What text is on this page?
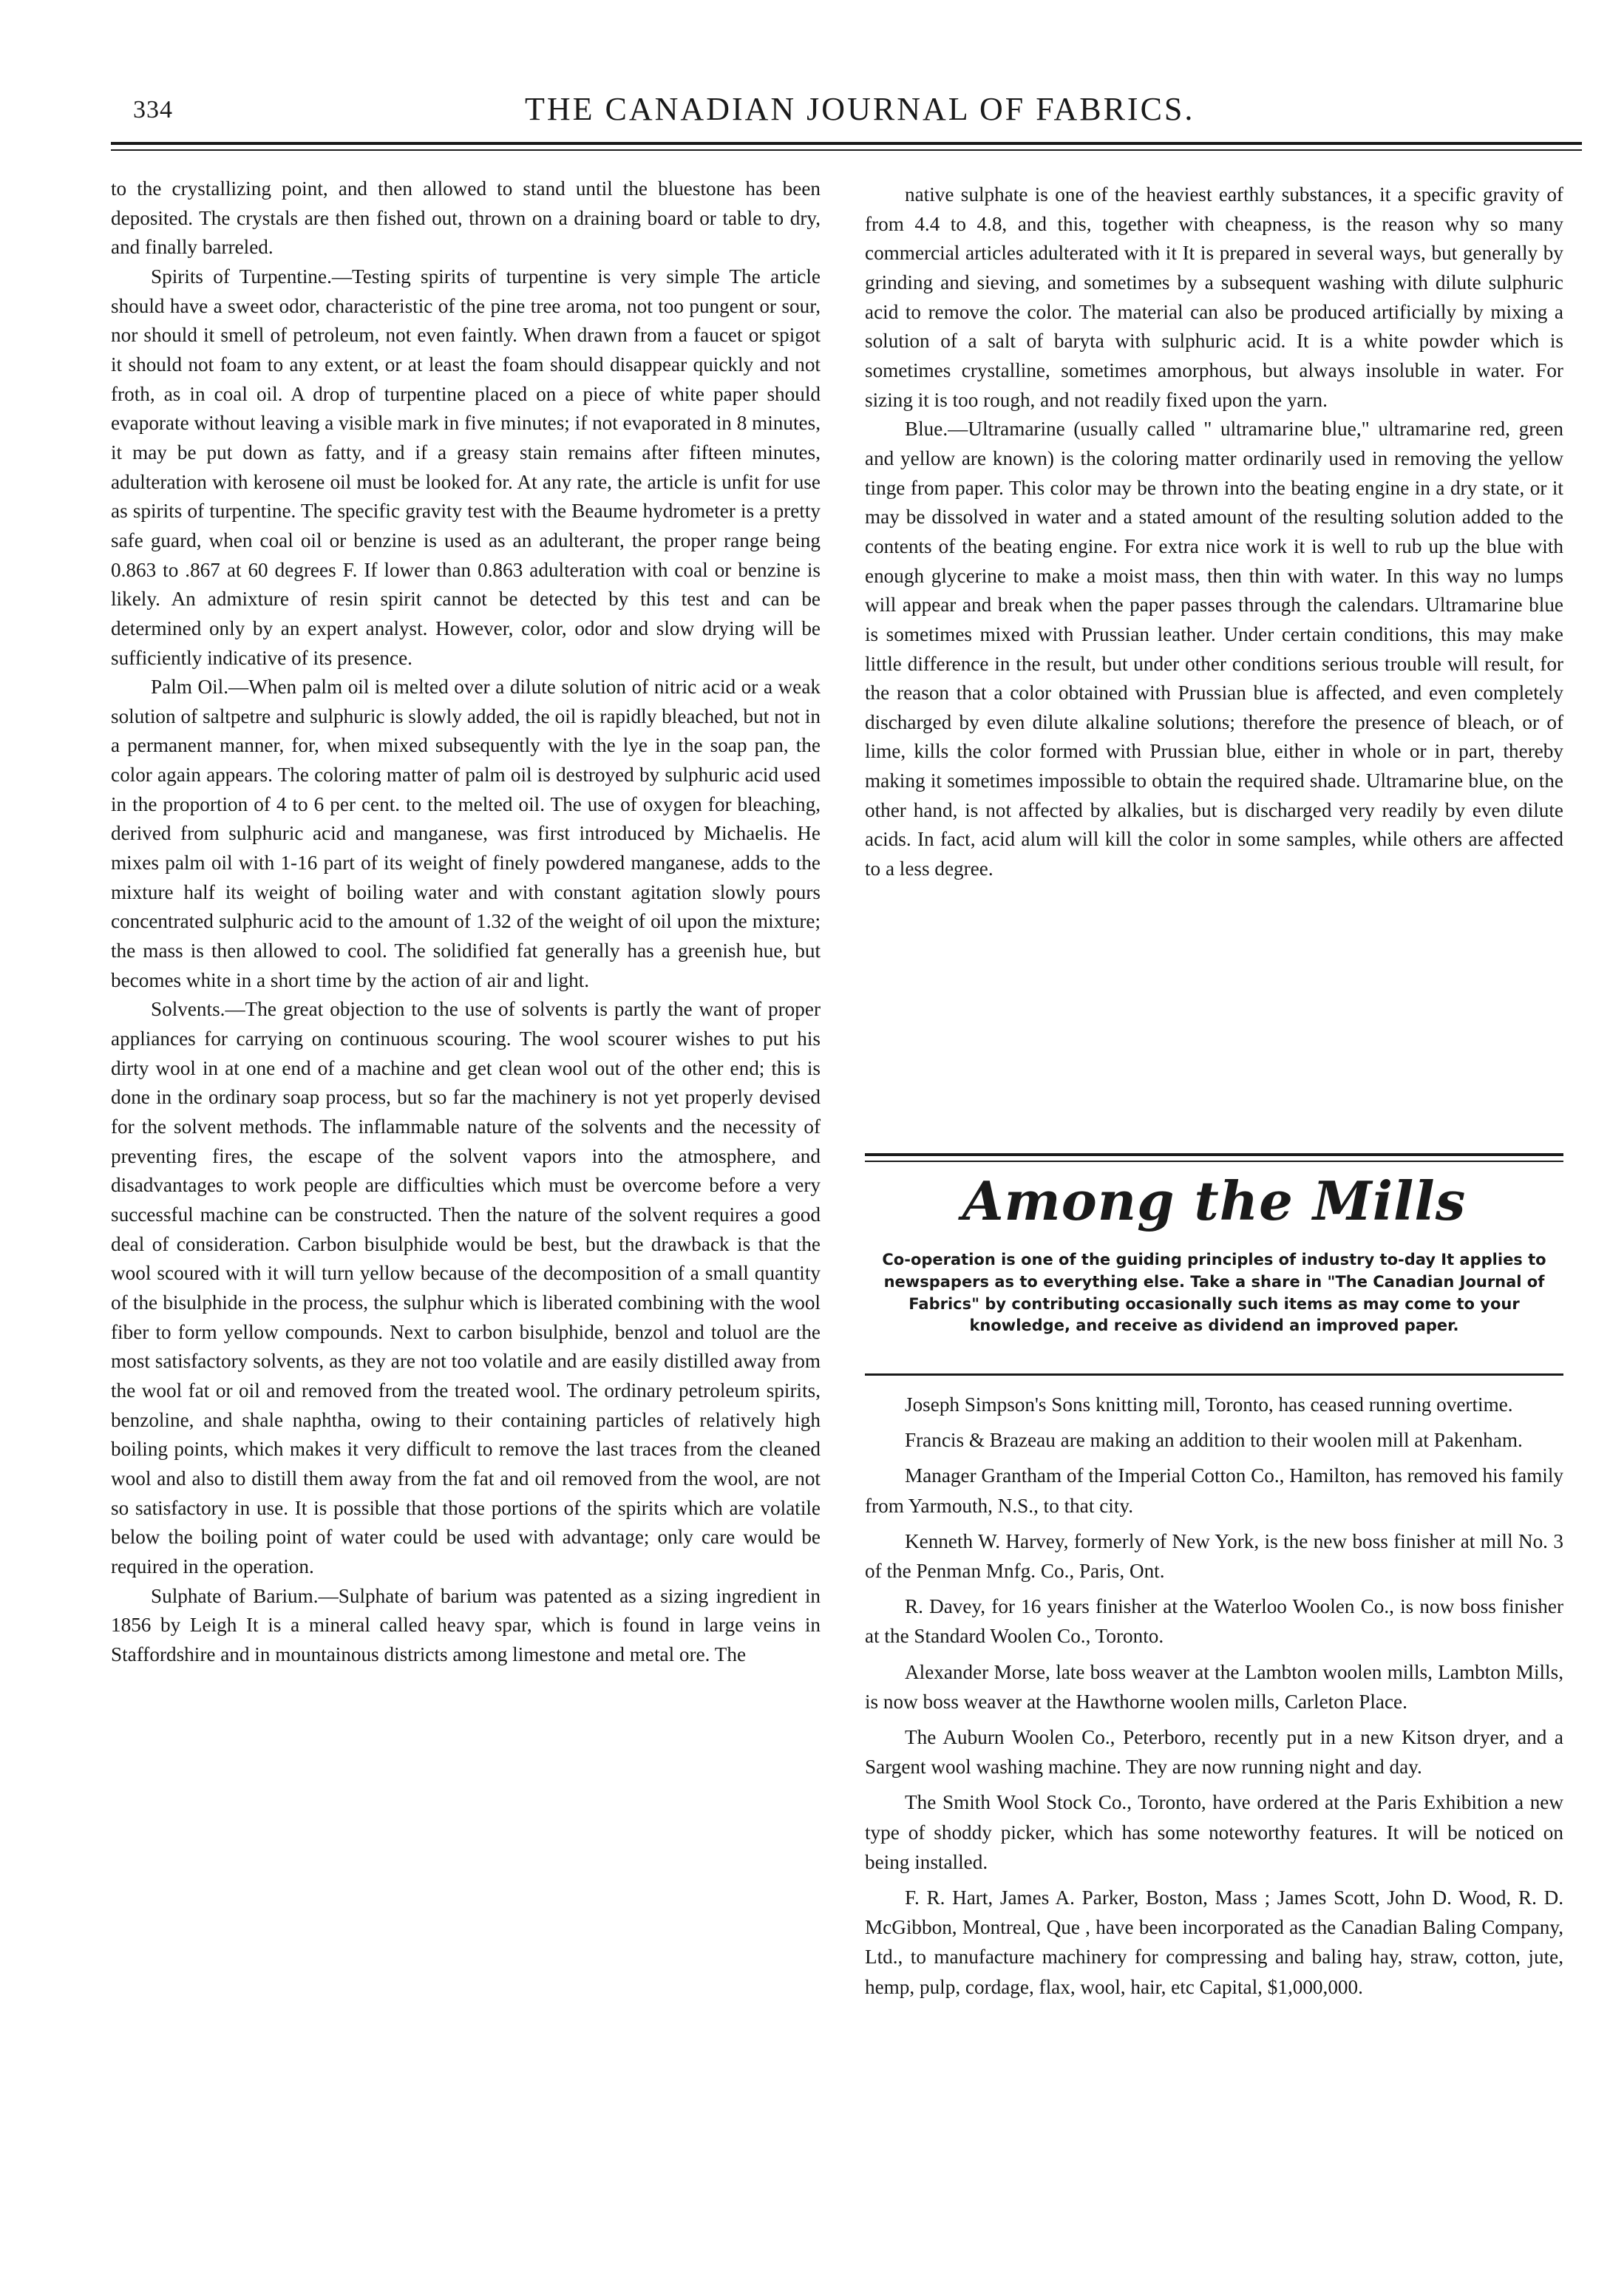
334	THE CANADIAN JOURNAL OF FABRICS.

to the crystallizing point, and then allowed to stand until the bluestone has been deposited. The crystals are then fished out, thrown on a draining board or table to dry, and finally barreled.

Spirits of Turpentine.—Testing spirits of turpentine is very simple The article should have a sweet odor, characteristic of the pine tree aroma, not too pungent or sour, nor should it smell of petroleum, not even faintly. When drawn from a faucet or spigot it should not foam to any extent, or at least the foam should disappear quickly and not froth, as in coal oil. A drop of turpentine placed on a piece of white paper should evaporate without leaving a visible mark in five minutes; if not evaporated in 8 minutes, it may be put down as fatty, and if a greasy stain remains after fifteen minutes, adulteration with kerosene oil must be looked for. At any rate, the article is unfit for use as spirits of turpentine. The specific gravity test with the Beaume hydrometer is a pretty safe guard, when coal oil or benzine is used as an adulterant, the proper range being 0.863 to .867 at 60 degrees F. If lower than 0.863 adulteration with coal or benzine is likely. An admixture of resin spirit cannot be detected by this test and can be determined only by an expert analyst. However, color, odor and slow drying will be sufficiently indicative of its presence.

Palm Oil.—When palm oil is melted over a dilute solution of nitric acid or a weak solution of saltpetre and sulphuric is slowly added, the oil is rapidly bleached, but not in a permanent manner, for, when mixed subsequently with the lye in the soap pan, the color again appears. The coloring matter of palm oil is destroyed by sulphuric acid used in the proportion of 4 to 6 per cent. to the melted oil. The use of oxygen for bleaching, derived from sulphuric acid and manganese, was first introduced by Michaelis. He mixes palm oil with 1-16 part of its weight of finely powdered manganese, adds to the mixture half its weight of boiling water and with constant agitation slowly pours concentrated sulphuric acid to the amount of 1.32 of the weight of oil upon the mixture; the mass is then allowed to cool. The solidified fat generally has a greenish hue, but becomes white in a short time by the action of air and light.

Solvents.—The great objection to the use of solvents is partly the want of proper appliances for carrying on continuous scouring. The wool scourer wishes to put his dirty wool in at one end of a machine and get clean wool out of the other end; this is done in the ordinary soap process, but so far the machinery is not yet properly devised for the solvent methods. The inflammable nature of the solvents and the necessity of preventing fires, the escape of the solvent vapors into the atmosphere, and disadvantages to work people are difficulties which must be overcome before a very successful machine can be constructed. Then the nature of the solvent requires a good deal of consideration. Carbon bisulphide would be best, but the drawback is that the wool scoured with it will turn yellow because of the decomposition of a small quantity of the bisulphide in the process, the sulphur which is liberated combining with the wool fiber to form yellow compounds. Next to carbon bisulphide, benzol and toluol are the most satisfactory solvents, as they are not too volatile and are easily distilled away from the wool fat or oil and removed from the treated wool. The ordinary petroleum spirits, benzoline, and shale naphtha, owing to their containing particles of relatively high boiling points, which makes it very difficult to remove the last traces from the cleaned wool and also to distill them away from the fat and oil removed from the wool, are not so satisfactory in use. It is possible that those portions of the spirits which are volatile below the boiling point of water could be used with advantage; only care would be required in the operation.

Sulphate of Barium.—Sulphate of barium was patented as a sizing ingredient in 1856 by Leigh It is a mineral called heavy spar, which is found in large veins in Staffordshire and in mountainous districts among limestone and metal ore. The

native sulphate is one of the heaviest earthly substances, it a specific gravity of from 4.4 to 4.8, and this, together with cheapness, is the reason why so many commercial articles adulterated with it It is prepared in several ways, but generally by grinding and sieving, and sometimes by a subsequent washing with dilute sulphuric acid to remove the color. The material can also be produced artificially by mixing a solution of a salt of baryta with sulphuric acid. It is a white powder which is sometimes crystalline, sometimes amorphous, but always insoluble in water. For sizing it is too rough, and not readily fixed upon the yarn.

Blue.—Ultramarine (usually called " ultramarine blue," ultramarine red, green and yellow are known) is the coloring matter ordinarily used in removing the yellow tinge from paper. This color may be thrown into the beating engine in a dry state, or it may be dissolved in water and a stated amount of the resulting solution added to the contents of the beating engine. For extra nice work it is well to rub up the blue with enough glycerine to make a moist mass, then thin with water. In this way no lumps will appear and break when the paper passes through the calendars. Ultramarine blue is sometimes mixed with Prussian leather. Under certain conditions, this may make little difference in the result, but under other conditions serious trouble will result, for the reason that a color obtained with Prussian blue is affected, and even completely discharged by even dilute alkaline solutions; therefore the presence of bleach, or of lime, kills the color formed with Prussian blue, either in whole or in part, thereby making it sometimes impossible to obtain the required shade. Ultramarine blue, on the other hand, is not affected by alkalies, but is discharged very readily by even dilute acids. In fact, acid alum will kill the color in some samples, while others are affected to a less degree.

Among the Mills
Co-operation is one of the guiding principles of industry to-day It applies to newspapers as to everything else. Take a share in "The Canadian Journal of Fabrics" by contributing occasionally such items as may come to your knowledge, and receive as dividend an improved paper.

Joseph Simpson's Sons knitting mill, Toronto, has ceased running overtime.

Francis & Brazeau are making an addition to their woolen mill at Pakenham.

Manager Grantham of the Imperial Cotton Co., Hamilton, has removed his family from Yarmouth, N.S., to that city.

Kenneth W. Harvey, formerly of New York, is the new boss finisher at mill No. 3 of the Penman Mnfg. Co., Paris, Ont.

R. Davey, for 16 years finisher at the Waterloo Woolen Co., is now boss finisher at the Standard Woolen Co., Toronto.

Alexander Morse, late boss weaver at the Lambton woolen mills, Lambton Mills, is now boss weaver at the Hawthorne woolen mills, Carleton Place.

The Auburn Woolen Co., Peterboro, recently put in a new Kitson dryer, and a Sargent wool washing machine. They are now running night and day.

The Smith Wool Stock Co., Toronto, have ordered at the Paris Exhibition a new type of shoddy picker, which has some noteworthy features. It will be noticed on being installed.

F. R. Hart, James A. Parker, Boston, Mass ; James Scott, John D. Wood, R. D. McGibbon, Montreal, Que , have been incorporated as the Canadian Baling Company, Ltd., to manufacture machinery for compressing and baling hay, straw, cotton, jute, hemp, pulp, cordage, flax, wool, hair, etc Capital, $1,000,000.
